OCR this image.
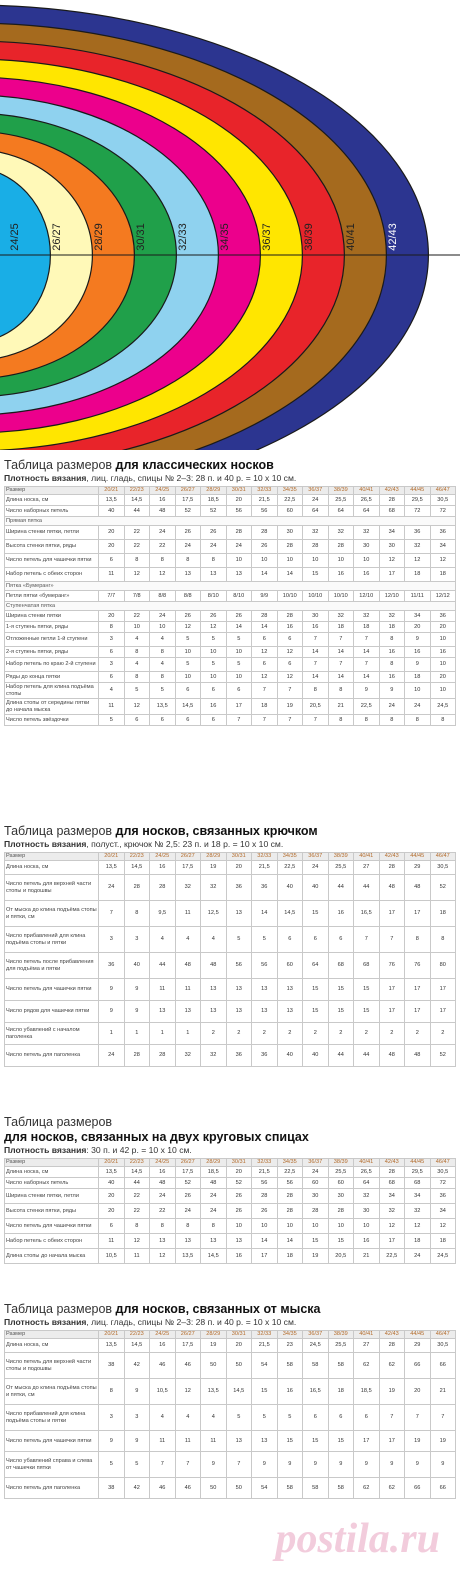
24/25	26/27	28/29	30/31	32/33	34/35	36/37	38/39	40/41	42/43
Таблица размеров для классических носков
Плотность вязания, лиц. гладь, спицы № 2–3: 28 п. и 40 р. = 10 х 10 см.
Размер	20/21	22/23	24/25	26/27	28/29	30/31	32/33	34/35	36/37	38/39	40/41	42/43	44/45	46/47
Длина носка, см	13,5	14,5	16	17,5	18,5	20	21,5	22,5	24	25,5	26,5	28	29,5	30,5
Число наборных петель	40	44	48	52	52	56	56	60	64	64	64	68	72	72
Прямая пятка														
Ширина стенки пятки, петли	20	22	24	26	26	28	28	30	32	32	32	34	36	36
Высота стенки пятки, ряды	20	22	22	24	24	24	26	28	28	28	30	30	32	34
Число петель для чашечки пятки	6	8	8	8	8	10	10	10	10	10	10	12	12	12
Набор петель с обеих сторон	11	12	12	13	13	13	14	14	15	16	16	17	18	18
Пятка «Бумеранг»														
Петли пятки «бумеранг»	7/7	7/8	8/8	8/8	8/10	8/10	9/9	10/10	10/10	10/10	12/10	12/10	11/11	12/12
Ступенчатая пятка														
Ширина стенки пятки	20	22	24	26	26	26	28	28	30	32	32	32	34	36
1-я ступень пятки, ряды	8	10	10	12	12	14	14	16	16	18	18	18	20	20
Отложенные петли 1-й ступени	3	4	4	5	5	5	6	6	7	7	7	8	9	10
2-я ступень пятки, ряды	6	8	8	10	10	10	12	12	14	14	14	16	16	16
Набор петель по краю 2-й ступени	3	4	4	5	5	5	6	6	7	7	7	8	9	10
Ряды до конца пятки	6	8	8	10	10	10	12	12	14	14	14	16	18	20
Набор петель для клина подъёма стопы	4	5	5	6	6	6	7	7	8	8	9	9	10	10
Длина стопы от середины пятки до начала мыска	11	12	13,5	14,5	16	17	18	19	20,5	21	22,5	24	24	24,5
Число петель звёздочки	5	6	6	6	6	7	7	7	7	8	8	8	8	8
Таблица размеров для носков, связанных крючком
Плотность вязания, полуст., крючок № 2,5: 23 п. и 18 р. = 10 х 10 см.
Размер	20/21	22/23	24/25	26/27	28/29	30/31	32/33	34/35	36/37	38/39	40/41	42/43	44/45	46/47
Длина носка, см	13,5	14,5	16	17,5	19	20	21,5	22,5	24	25,5	27	28	29	30,5
Число петель для верхней части стопы и подошвы	24	28	28	32	32	36	36	40	40	44	44	48	48	52
От мыска до клина подъёма стопы и пятки, см	7	8	9,5	11	12,5	13	14	14,5	15	16	16,5	17	17	18
Число прибавлений для клина подъёма стопы и пятки	3	3	4	4	4	5	5	6	6	6	7	7	8	8
Число петель после прибавления для подъёма и пятки	36	40	44	48	48	56	56	60	64	68	68	76	76	80
Число петель для чашечки пятки	9	9	11	11	13	13	13	13	15	15	15	17	17	17
Число рядов для чашечки пятки	9	9	13	13	13	13	13	13	15	15	15	17	17	17
Число убавлений с началом паголенка	1	1	1	1	2	2	2	2	2	2	2	2	2	2
Число петель для паголенка	24	28	28	32	32	36	36	40	40	44	44	48	48	52
Таблица размеров
для носков, связанных на двух круговых спицах
Плотность вязания: 30 п. и 42 р. = 10 х 10 см.
Размер	20/21	22/23	24/25	26/27	28/29	30/31	32/33	34/35	36/37	38/39	40/41	42/43	44/45	46/47
Длина носка, см	13,5	14,5	16	17,5	18,5	20	21,5	22,5	24	25,5	26,5	28	29,5	30,5
Число наборных петель	40	44	48	52	48	52	56	56	60	60	64	68	68	72
Ширина стенки пятки, петли	20	22	24	26	24	26	28	28	30	30	32	34	34	36
Высота стенки пятки, ряды	20	22	22	24	24	26	26	28	28	28	30	32	32	34
Число петель для чашечки пятки	6	8	8	8	8	10	10	10	10	10	10	12	12	12
Набор петель с обеих сторон	11	12	13	13	13	13	14	14	15	15	16	17	18	18
Длина стопы до начала мыска	10,5	11	12	13,5	14,5	16	17	18	19	20,5	21	22,5	24	24,5
Таблица размеров для носков, связанных от мыска
Плотность вязания, лиц. гладь, спицы № 2–3: 28 п. и 40 р. = 10 х 10 см.
Размер	20/21	22/23	24/25	26/27	28/29	30/31	32/33	34/35	36/37	38/39	40/41	42/43	44/45	46/47
Длина носка, см	13,5	14,5	16	17,5	19	20	21,5	23	24,5	25,5	27	28	29	30,5
Число петель для верхней части стопы и подошвы	38	42	46	46	50	50	54	58	58	58	62	62	66	66
От мыска до клина подъёма стопы и пятки, см	8	9	10,5	12	13,5	14,5	15	16	16,5	18	18,5	19	20	21
Число прибавлений для клина подъёма стопы и пятки	3	3	4	4	4	5	5	5	6	6	6	7	7	7
Число петель для чашечки пятки	9	9	11	11	11	13	13	15	15	15	17	17	19	19
Число убавлений справа и слева от чашечки пятки	5	5	7	7	9	7	9	9	9	9	9	9	9	9
Число петель для паголенка	38	42	46	46	50	50	54	58	58	58	62	62	66	66
postila.ru
